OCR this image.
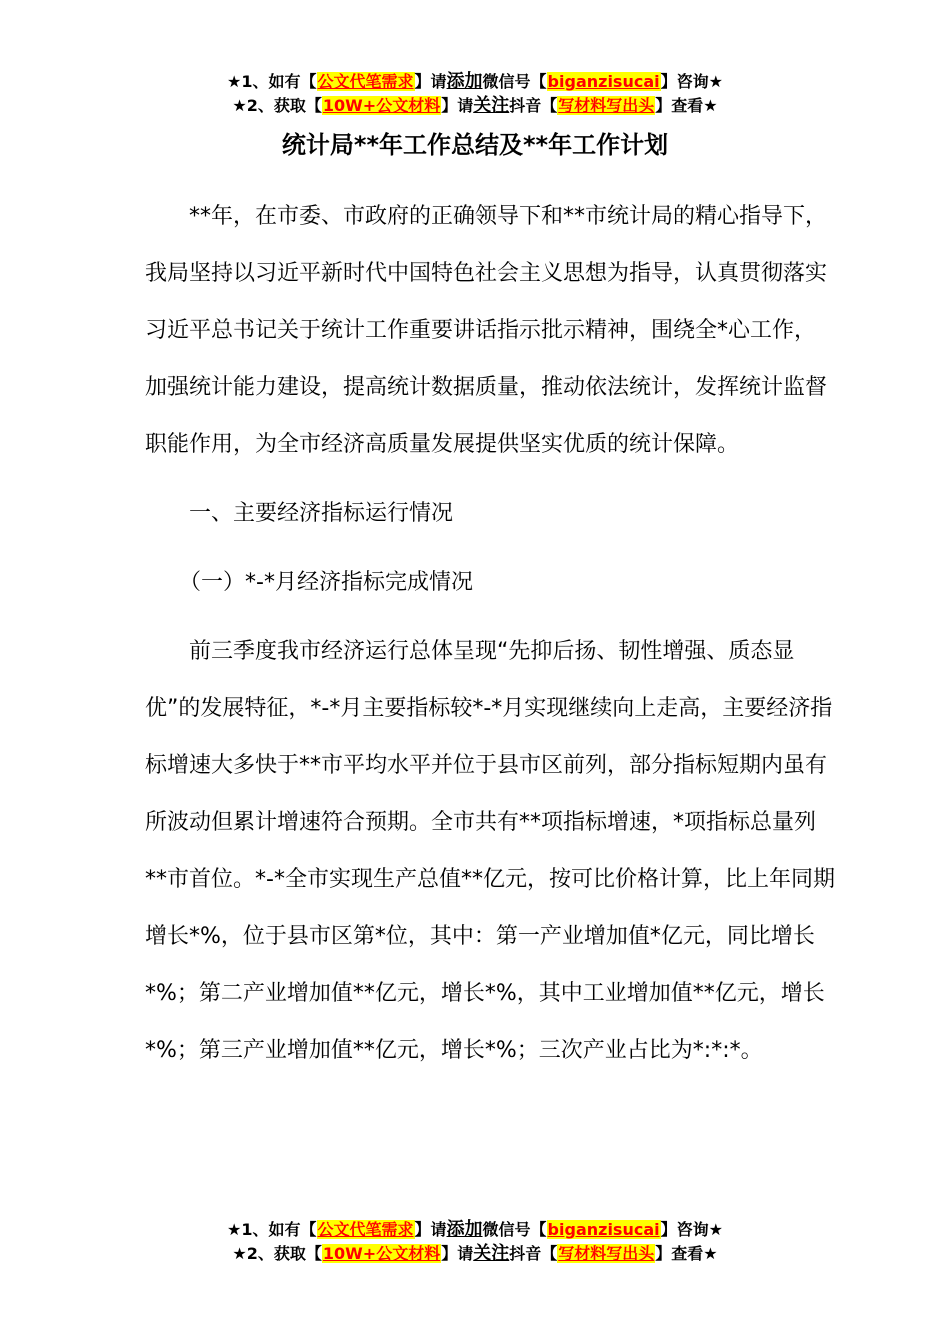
★1、如有【公文代笔需求】请添加微信号【biganzisucai】咨询★
★2、获取【10W+公文材料】请关注抖音【写材料写出头】查看★
统计局**年工作总结及**年工作计划

**年，在市委、市政府的正确领导下和**市统计局的精心指导下，我局坚持以习近平新时代中国特色社会主义思想为指导，认真贯彻落实习近平总书记关于统计工作重要讲话指示批示精神，围绕全*心工作，加强统计能力建设，提高统计数据质量，推动依法统计，发挥统计监督职能作用，为全市经济高质量发展提供坚实优质的统计保障。

一、主要经济指标运行情况

（一）*-*月经济指标完成情况

前三季度我市经济运行总体呈现“先抑后扬、韧性增强、质态显优”的发展特征，*-*月主要指标较*-*月实现继续向上走高，主要经济指标增速大多快于**市平均水平并位于县市区前列，部分指标短期内虽有所波动但累计增速符合预期。全市共有**项指标增速，*项指标总量列**市首位。*-*全市实现生产总值**亿元，按可比价格计算，比上年同期增长*%，位于县市区第*位，其中：第一产业增加值*亿元，同比增长*%；第二产业增加值**亿元，增长*%，其中工业增加值**亿元，增长*%；第三产业增加值**亿元，增长*%；三次产业占比为*:*:*。

★1、如有【公文代笔需求】请添加微信号【biganzisucai】咨询★
★2、获取【10W+公文材料】请关注抖音【写材料写出头】查看★
